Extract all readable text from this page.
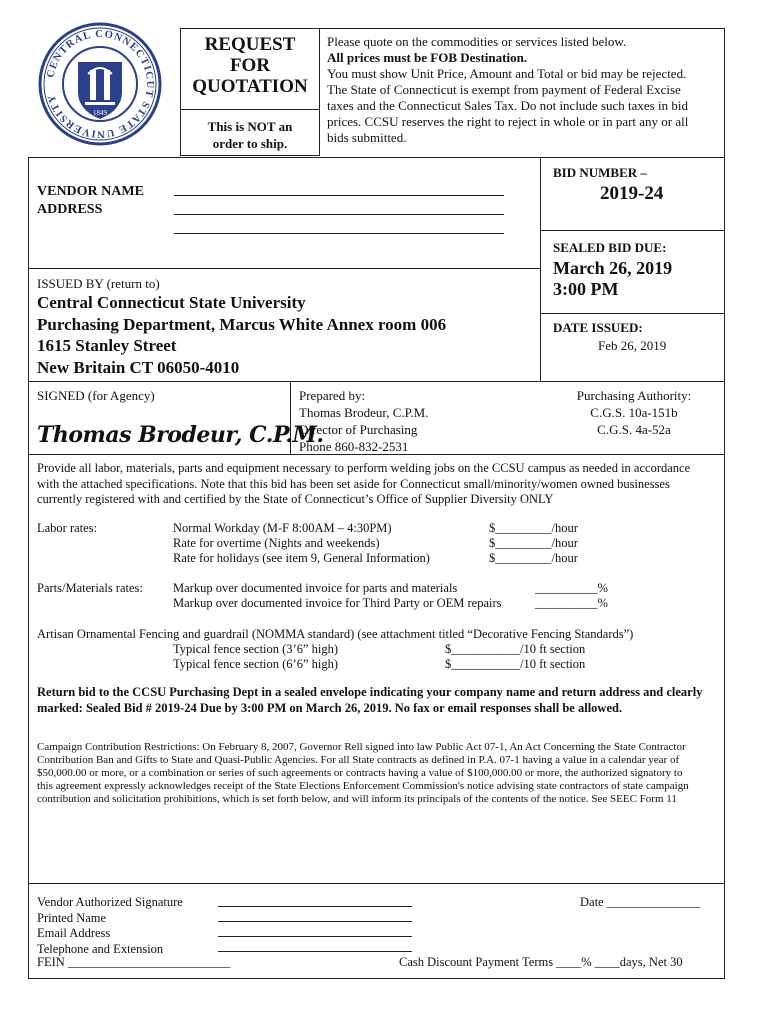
CENTRAL CONNECTICUT STATE UNIVERSITY
1849
REQUEST
FOR
QUOTATION
This is NOT an
order to ship.
Please quote on the commodities or services listed below.
All prices must be FOB Destination.
You must show Unit Price, Amount and Total or bid may be rejected.
The State of Connecticut is exempt from payment of Federal Excise
taxes and the Connecticut Sales Tax. Do not include such taxes in bid
prices. CCSU reserves the right to reject in whole or in part any or all
bids submitted.
VENDOR NAME
ADDRESS
BID NUMBER –
2019-24
SEALED BID DUE:
March 26, 2019
3:00 PM
DATE ISSUED:
Feb 26, 2019
ISSUED BY (return to)
Central Connecticut State University
Purchasing Department, Marcus White Annex room 006
1615 Stanley Street
New Britain CT 06050-4010
SIGNED (for Agency)
Thomas Brodeur, C.P.M.
Prepared by:
Thomas Brodeur, C.P.M.
Director of Purchasing
Phone 860-832-2531
Purchasing Authority:
C.G.S. 10a-151b
C.G.S. 4a-52a
Provide all labor, materials, parts and equipment necessary to perform welding jobs on the CCSU campus as needed in accordance
with the attached specifications. Note that this bid has been set aside for Connecticut small/minority/women owned businesses
currently registered with and certified by the State of Connecticut’s Office of Supplier Diversity ONLY
Labor rates:	Normal Workday (M-F 8:00AM – 4:30PM)	$_________/hour
Rate for overtime (Nights and weekends)	$_________/hour
Rate for holidays (see item 9, General Information)	$_________/hour
Parts/Materials rates: Markup over documented invoice for parts and materials	__________%
Markup over documented invoice for Third Party or OEM repairs	__________%
Artisan Ornamental Fencing and guardrail (NOMMA standard) (see attachment titled “Decorative Fencing Standards”)
Typical fence section (3’6” high)	$___________/10 ft section
Typical fence section (6’6” high)	$___________/10 ft section
Return bid to the CCSU Purchasing Dept in a sealed envelope indicating your company name and return address and clearly
marked: Sealed Bid # 2019-24 Due by 3:00 PM on March 26, 2019. No fax or email responses shall be allowed.
Campaign Contribution Restrictions: On February 8, 2007, Governor Rell signed into law Public Act 07-1, An Act Concerning the State Contractor
Contribution Ban and Gifts to State and Quasi-Public Agencies. For all State contracts as defined in P.A. 07-1 having a value in a calendar year of
$50,000.00 or more, or a combination or series of such agreements or contracts having a value of $100,000.00 or more, the authorized signatory to
this agreement expressly acknowledges receipt of the State Elections Enforcement Commission's notice advising state contractors of state campaign
contribution and solicitation prohibitions, which is set forth below, and will inform its principals of the contents of the notice. See SEEC Form 11
Vendor Authorized Signature
Printed Name
Email Address
Telephone and Extension
Date _______________
FEIN __________________________	Cash Discount Payment Terms ____% ____days, Net 30
